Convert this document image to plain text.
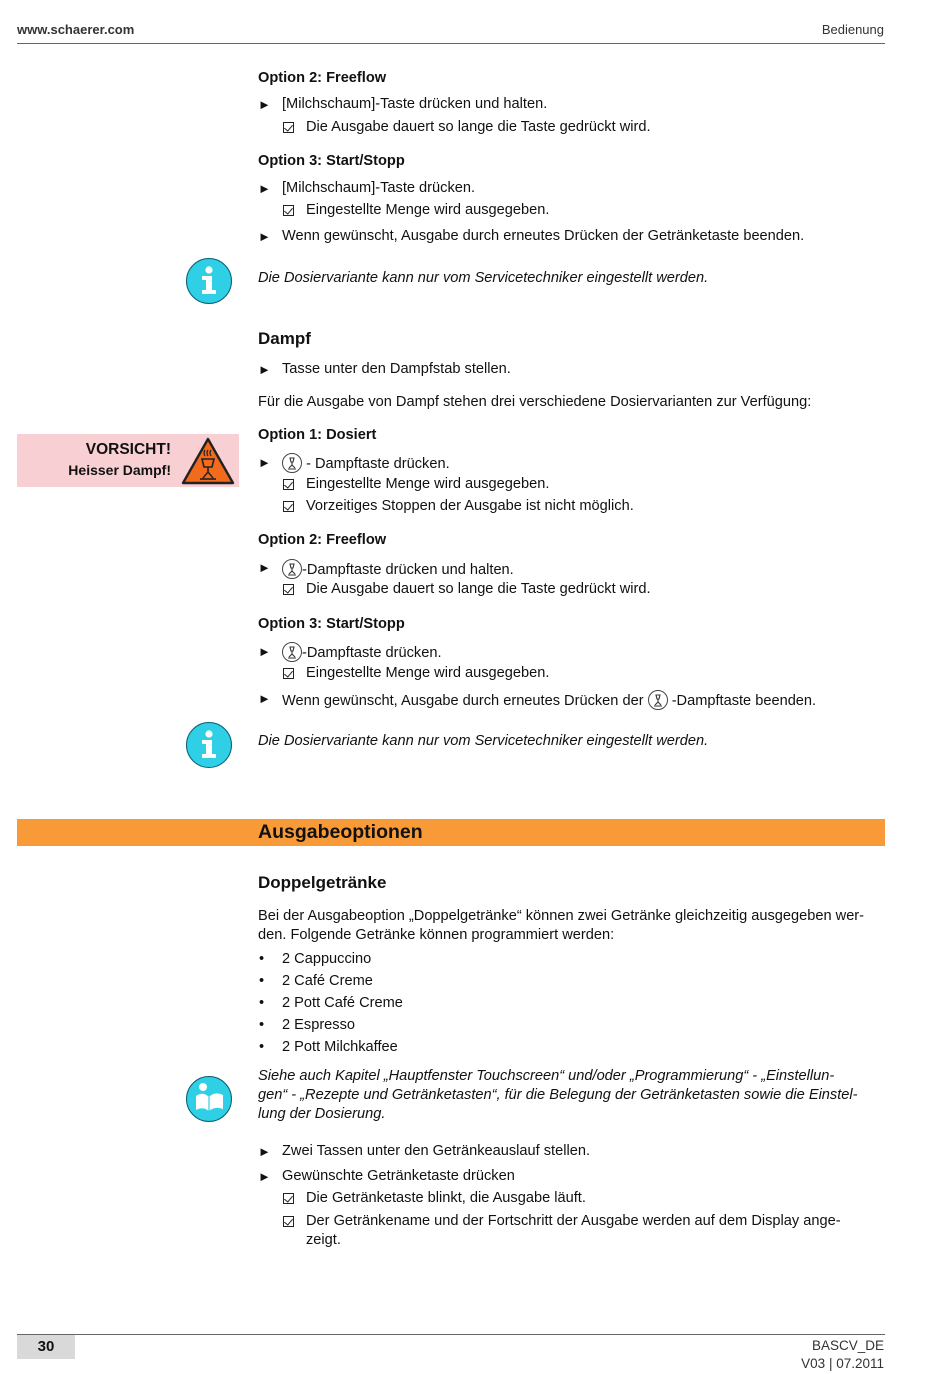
www.schaerer.com	Bedienung
Option 2: Freeflow
► [Milchschaum]-Taste drücken und halten.
Die Ausgabe dauert so lange die Taste gedrückt wird.
Option 3: Start/Stopp
► [Milchschaum]-Taste drücken.
Eingestellte Menge wird ausgegeben.
► Wenn gewünscht, Ausgabe durch erneutes Drücken der Getränketaste beenden.
Die Dosiervariante kann nur vom Servicetechniker eingestellt werden.
Dampf
► Tasse unter den Dampfstab stellen.
Für die Ausgabe von Dampf stehen drei verschiedene Dosiervarianten zur Verfügung:
VORSICHT!
Heisser Dampf!
Option 1: Dosiert
►	- Dampftaste drücken.
Eingestellte Menge wird ausgegeben.
Vorzeitiges Stoppen der Ausgabe ist nicht möglich.
Option 2: Freeflow
►	-Dampftaste drücken und halten.
Die Ausgabe dauert so lange die Taste gedrückt wird.
Option 3: Start/Stopp
►	-Dampftaste drücken.
Eingestellte Menge wird ausgegeben.
► Wenn gewünscht, Ausgabe durch erneutes Drücken der -Dampftaste beenden.
Die Dosiervariante kann nur vom Servicetechniker eingestellt werden.
Ausgabeoptionen
Doppelgetränke
Bei der Ausgabeoption „Doppelgetränke“ können zwei Getränke gleichzeitig ausgegeben wer-
den. Folgende Getränke können programmiert werden:
• 2 Cappuccino
• 2 Café Creme
• 2 Pott Café Creme
• 2 Espresso
• 2 Pott Milchkaffee
Siehe auch Kapitel „Hauptfenster Touchscreen“ und/oder „Programmierung“ - „Einstellun-
gen“ - „Rezepte und Getränketasten“, für die Belegung der Getränketasten sowie die Einstel-
lung der Dosierung.
► Zwei Tassen unter den Getränkeauslauf stellen.
► Gewünschte Getränketaste drücken
Die Getränketaste blinkt, die Ausgabe läuft.
Der Getränkename und der Fortschritt der Ausgabe werden auf dem Display ange-
zeigt.
30	BASCV_DE
V03 | 07.2011
